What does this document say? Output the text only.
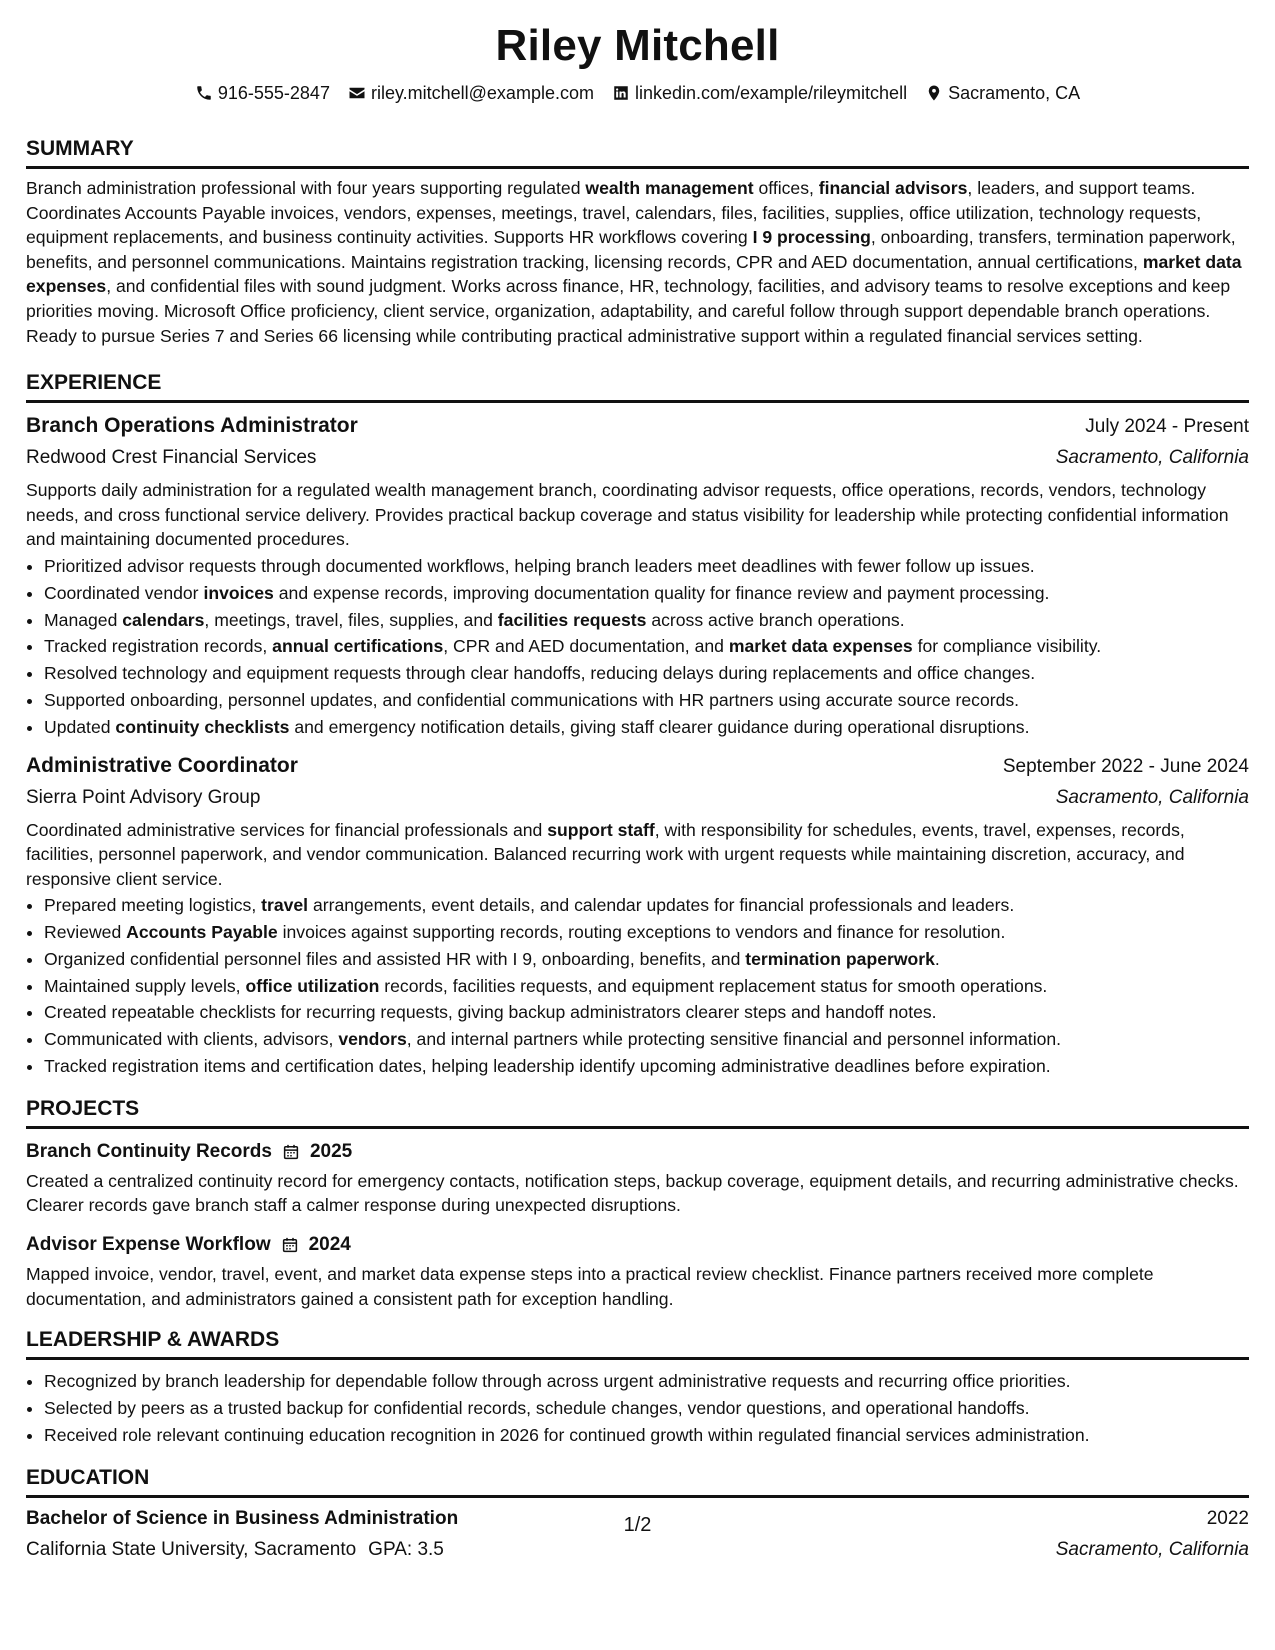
Riley Mitchell
916-555-2847 riley.mitchell@example.com linkedin.com/example/rileymitchell Sacramento, CA
SUMMARY

Branch administration professional with four years supporting regulated wealth management offices, financial advisors, leaders, and support teams. Coordinates Accounts Payable invoices, vendors, expenses, meetings, travel, calendars, files, facilities, supplies, office utilization, technology requests, equipment replacements, and business continuity activities. Supports HR workflows covering I 9 processing, onboarding, transfers, termination paperwork, benefits, and personnel communications. Maintains registration tracking, licensing records, CPR and AED documentation, annual certifications, market data expenses, and confidential files with sound judgment. Works across finance, HR, technology, facilities, and advisory teams to resolve exceptions and keep priorities moving. Microsoft Office proficiency, client service, organization, adaptability, and careful follow through support dependable branch operations. Ready to pursue Series 7 and Series 66 licensing while contributing practical administrative support within a regulated financial services setting.

EXPERIENCE
Branch Operations Administrator	July 2024 - Present
Redwood Crest Financial Services	Sacramento, California

Supports daily administration for a regulated wealth management branch, coordinating advisor requests, office operations, records, vendors, technology needs, and cross functional service delivery. Provides practical backup coverage and status visibility for leadership while protecting confidential information and maintaining documented procedures.

• Prioritized advisor requests through documented workflows, helping branch leaders meet deadlines with fewer follow up issues.
• Coordinated vendor invoices and expense records, improving documentation quality for finance review and payment processing.
• Managed calendars, meetings, travel, files, supplies, and facilities requests across active branch operations.
• Tracked registration records, annual certifications, CPR and AED documentation, and market data expenses for compliance visibility.
• Resolved technology and equipment requests through clear handoffs, reducing delays during replacements and office changes.
• Supported onboarding, personnel updates, and confidential communications with HR partners using accurate source records.
• Updated continuity checklists and emergency notification details, giving staff clearer guidance during operational disruptions.
Administrative Coordinator	September 2022 - June 2024
Sierra Point Advisory Group	Sacramento, California

Coordinated administrative services for financial professionals and support staff, with responsibility for schedules, events, travel, expenses, records, facilities, personnel paperwork, and vendor communication. Balanced recurring work with urgent requests while maintaining discretion, accuracy, and responsive client service.

• Prepared meeting logistics, travel arrangements, event details, and calendar updates for financial professionals and leaders.
• Reviewed Accounts Payable invoices against supporting records, routing exceptions to vendors and finance for resolution.
• Organized confidential personnel files and assisted HR with I 9, onboarding, benefits, and termination paperwork.
• Maintained supply levels, office utilization records, facilities requests, and equipment replacement status for smooth operations.
• Created repeatable checklists for recurring requests, giving backup administrators clearer steps and handoff notes.
• Communicated with clients, advisors, vendors, and internal partners while protecting sensitive financial and personnel information.
• Tracked registration items and certification dates, helping leadership identify upcoming administrative deadlines before expiration.
PROJECTS
Branch Continuity Records 2025

Created a centralized continuity record for emergency contacts, notification steps, backup coverage, equipment details, and recurring administrative checks. Clearer records gave branch staff a calmer response during unexpected disruptions.

Advisor Expense Workflow 2024

Mapped invoice, vendor, travel, event, and market data expense steps into a practical review checklist. Finance partners received more complete documentation, and administrators gained a consistent path for exception handling.

LEADERSHIP & AWARDS
• Recognized by branch leadership for dependable follow through across urgent administrative requests and recurring office priorities.
• Selected by peers as a trusted backup for confidential records, schedule changes, vendor questions, and operational handoffs.
• Received role relevant continuing education recognition in 2026 for continued growth within regulated financial services administration.
EDUCATION
Bachelor of Science in Business Administration	2022
California State University, Sacramento GPA: 3.5	Sacramento, California
1/2
